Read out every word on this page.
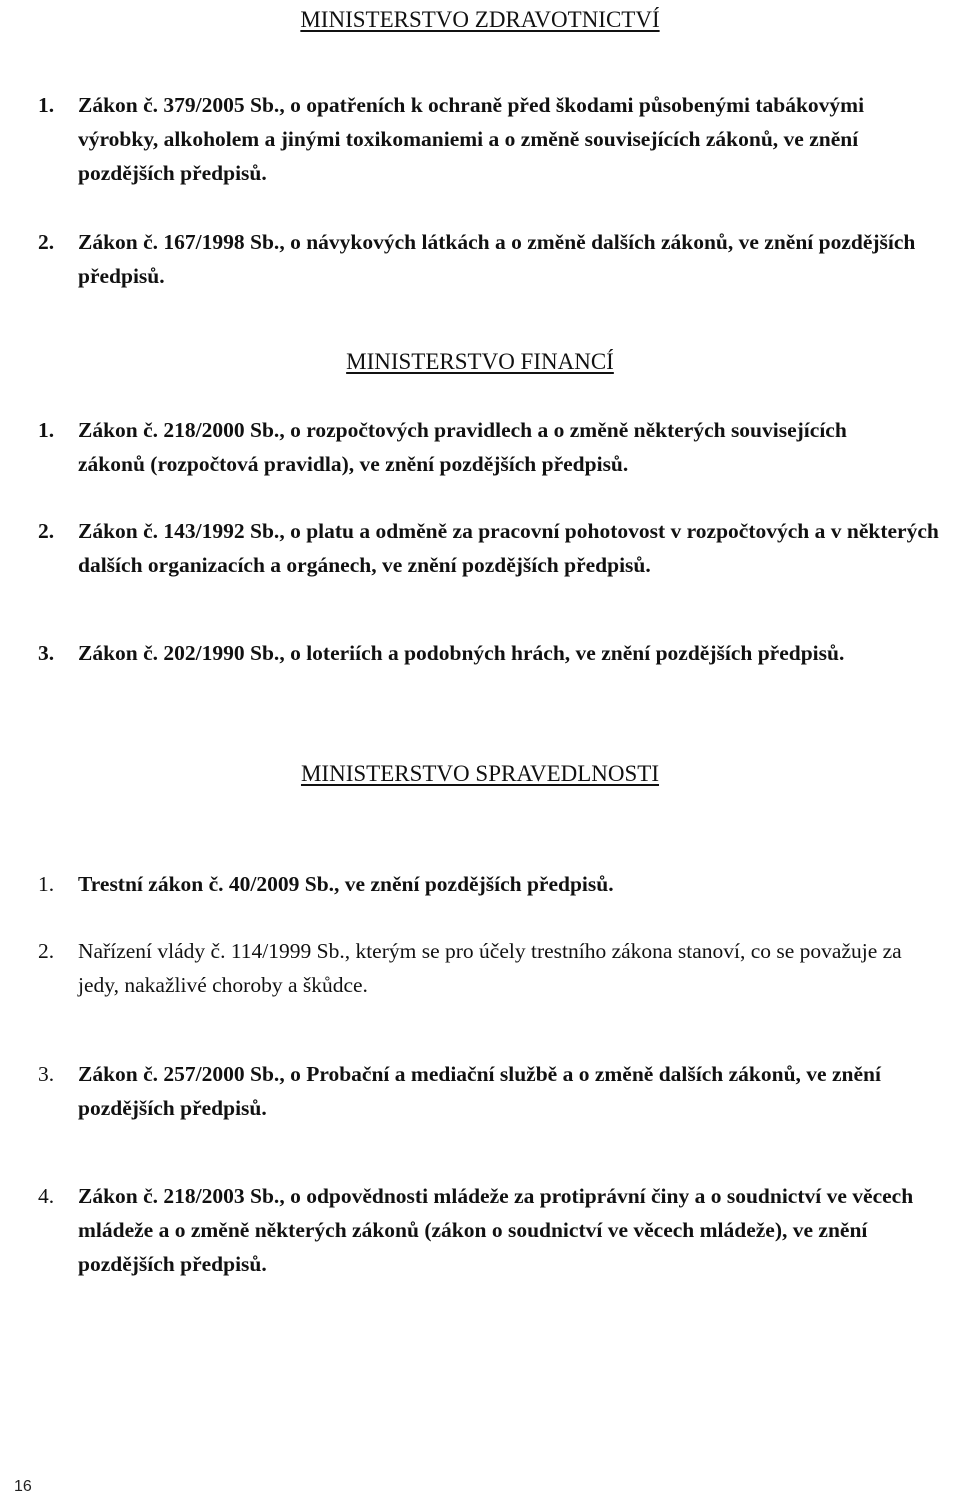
MINISTERSTVO ZDRAVOTNICTVÍ
1.	Zákon č. 379/2005 Sb., o opatřeních k ochraně před škodami působenými tabákovými výrobky, alkoholem a jinými toxikomaniemi a o změně souvisejících zákonů, ve znění pozdějších předpisů.
2.	Zákon č. 167/1998 Sb., o návykových látkách a o změně dalších zákonů, ve znění pozdějších předpisů.
MINISTERSTVO FINANCÍ
1.	Zákon č. 218/2000 Sb., o rozpočtových pravidlech a o změně některých souvisejících zákonů (rozpočtová pravidla), ve znění pozdějších předpisů.
2.	Zákon č. 143/1992 Sb., o platu a odměně za pracovní pohotovost v rozpočtových a v některých dalších organizacích a orgánech, ve znění pozdějších předpisů.
3.	Zákon č. 202/1990 Sb., o loteriích a podobných hrách, ve znění pozdějších předpisů.
MINISTERSTVO SPRAVEDLNOSTI
1.	Trestní zákon č. 40/2009 Sb., ve znění pozdějších předpisů.
2.	Nařízení vlády č. 114/1999 Sb., kterým se pro účely trestního zákona stanoví, co se považuje za jedy, nakažlivé choroby a škůdce.
3.	Zákon č. 257/2000 Sb., o Probační a mediační službě a o změně dalších zákonů, ve znění pozdějších předpisů.
4.	Zákon č. 218/2003 Sb., o odpovědnosti mládeže za protiprávní činy a o soudnictví ve věcech mládeže a o změně některých zákonů (zákon o soudnictví ve věcech mládeže), ve znění pozdějších předpisů.
16
